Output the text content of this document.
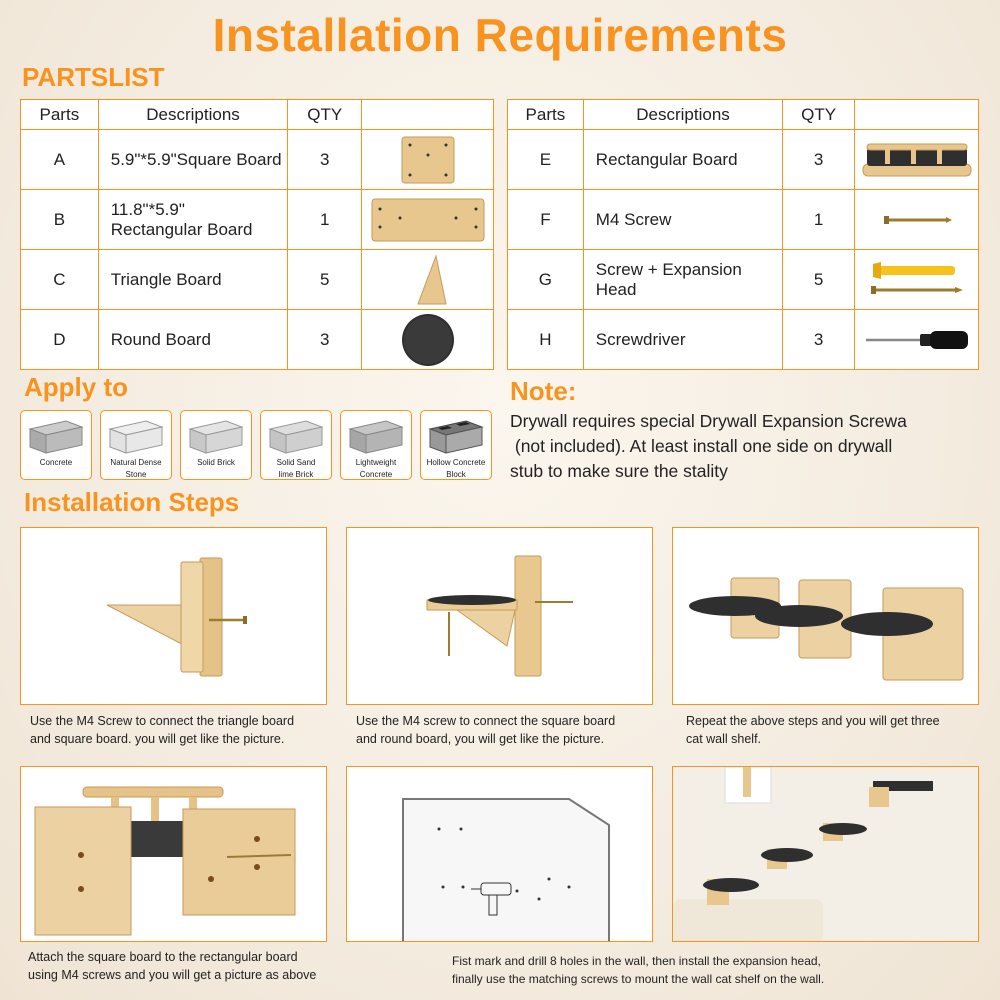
Installation Requirements
PARTSLIST
Parts	Descriptions	QTY	
A	5.9"*5.9"Square Board	3	

B	11.8"*5.9"
Rectangular Board	1	

C	Triangle Board	5	

D	Round Board	3	
Parts	Descriptions	QTY	
E	Rectangular Board	3	

F	M4 Screw	1	

G	Screw + Expansion
Head	5	

H	Screwdriver	3	
Apply to
Concrete	Natural Dense
Stone
Solid Brick	Solid Sand
lime Brick
Lightweight
Concrete
Hollow Concrete
Block
Note:
Drywall requires special Drywall Expansion Screwa
(not included). At least install one side on drywall
stub to make sure the stality
Installation Steps
Use the M4 Screw to connect the triangle board
and square board. you will get like the picture.
Use the M4 screw to connect the square board
and round board, you will get like the picture.
Repeat the above steps and you will get three
cat wall shelf.
Attach the square board to the rectangular board
using M4 screws and you will get a picture as above
Fist mark and drill 8 holes in the wall, then install the expansion head,
finally use the matching screws to mount the wall cat shelf on the wall.
